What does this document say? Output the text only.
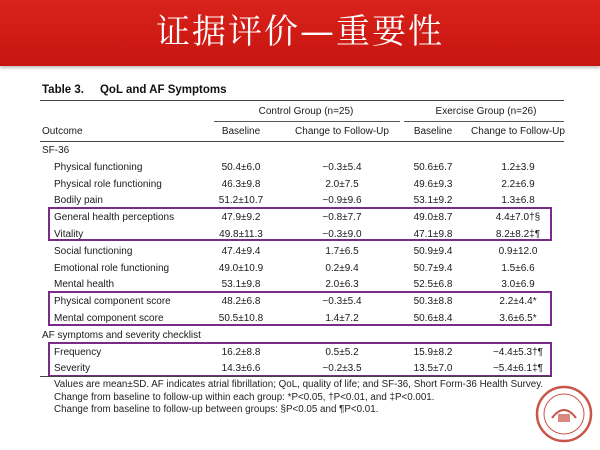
证据评价—重要性
Table 3. QoL and AF Symptoms
Control Group (n=25)	Exercise Group (n=26)
Outcome	Baseline	Change to Follow-Up	Baseline	Change to Follow-Up
SF-36
Physical functioning	50.4±6.0	−0.3±5.4	50.6±6.7	1.2±3.9
Physical role functioning	46.3±9.8	2.0±7.5	49.6±9.3	2.2±6.9
Bodily pain	51.2±10.7	−0.9±9.6	53.1±9.2	1.3±6.8
General health perceptions	47.9±9.2	−0.8±7.7	49.0±8.7	4.4±7.0†§
Vitality	49.8±11.3	−0.3±9.0	47.1±9.8	8.2±8.2‡¶
Social functioning	47.4±9.4	1.7±6.5	50.9±9.4	0.9±12.0
Emotional role functioning	49.0±10.9	0.2±9.4	50.7±9.4	1.5±6.6
Mental health	53.1±9.8	2.0±6.3	52.5±6.8	3.0±6.9
Physical component score	48.2±6.8	−0.3±5.4	50.3±8.8	2.2±4.4*
Mental component score	50.5±10.8	1.4±7.2	50.6±8.4	3.6±6.5*
AF symptoms and severity checklist
Frequency	16.2±8.8	0.5±5.2	15.9±8.2	−4.4±5.3†¶
Severity	14.3±6.6	−0.2±3.5	13.5±7.0	−5.4±6.1‡¶
Values are mean±SD. AF indicates atrial fibrillation; QoL, quality of life; and SF-36, Short Form-36 Health Survey.
Change from baseline to follow-up within each group: *P<0.05, †P<0.01, and ‡P<0.001.
Change from baseline to follow-up between groups: §P<0.05 and ¶P<0.01.
